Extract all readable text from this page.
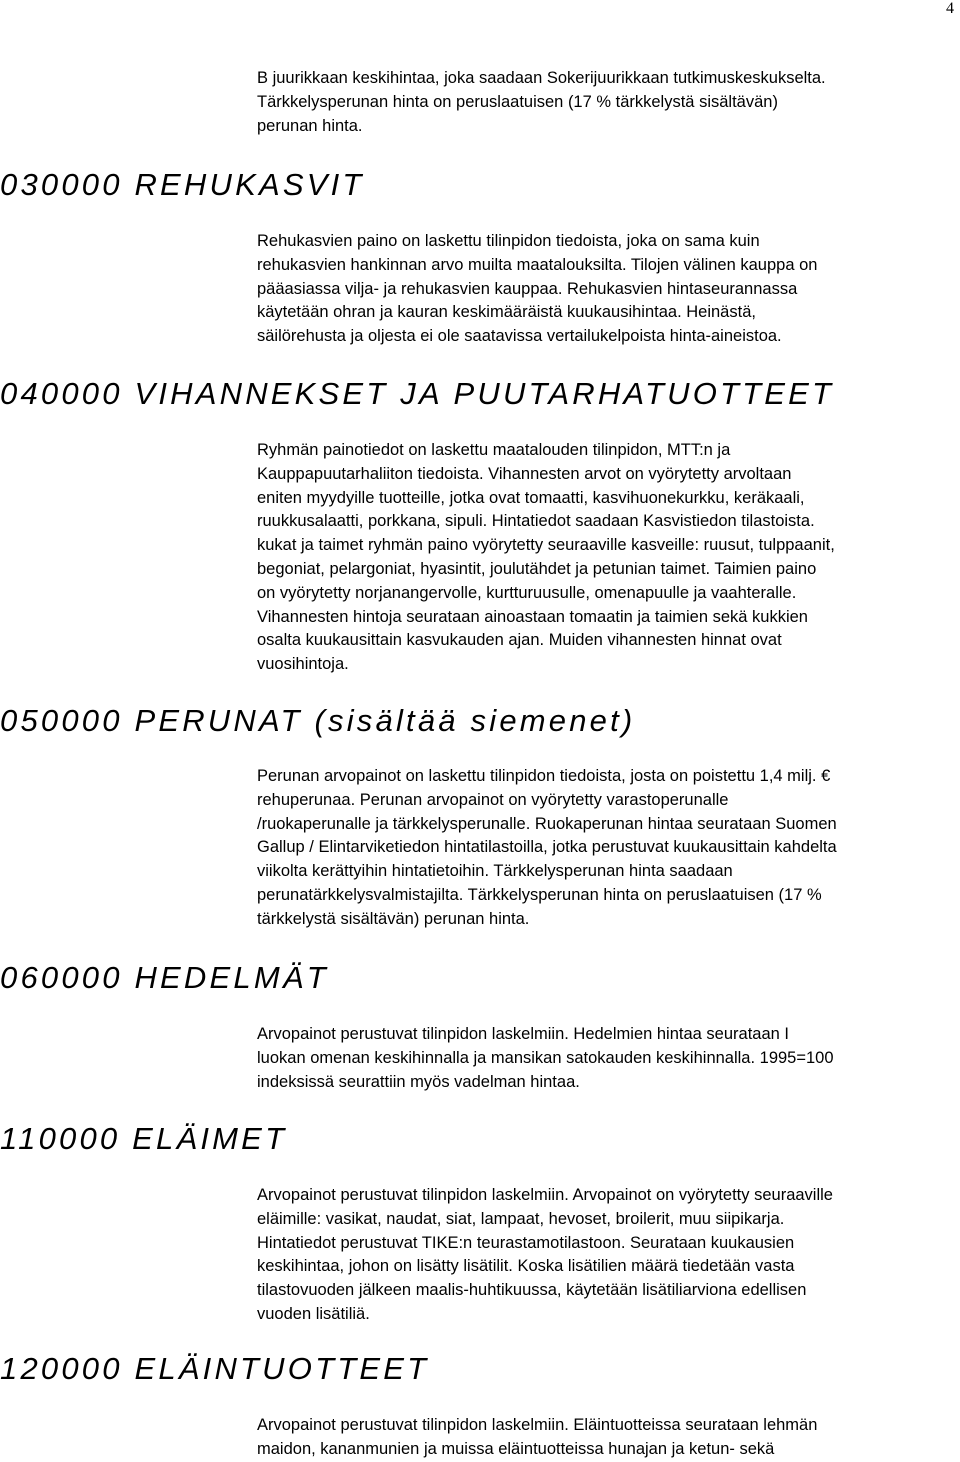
4
B juurikkaan keskihintaa, joka saadaan Sokerijuurikkaan tutkimuskeskukselta.
Tärkkelysperunan hinta on peruslaatuisen (17 % tärkkelystä sisältävän)
perunan hinta.
030000 REHUKASVIT
Rehukasvien paino on laskettu tilinpidon tiedoista, joka on sama kuin
rehukasvien hankinnan arvo muilta maatalouksilta. Tilojen välinen kauppa on
pääasiassa vilja- ja rehukasvien kauppaa. Rehukasvien hintaseurannassa
käytetään ohran ja kauran keskimääräistä kuukausihintaa. Heinästä,
säilörehusta ja oljesta ei ole saatavissa vertailukelpoista hinta-aineistoa.
040000 VIHANNEKSET JA PUUTARHATUOTTEET
Ryhmän painotiedot on laskettu maatalouden tilinpidon, MTT:n ja
Kauppapuutarhaliiton tiedoista. Vihannesten arvot on vyörytetty arvoltaan
eniten myydyille tuotteille, jotka ovat tomaatti, kasvihuonekurkku, keräkaali,
ruukkusalaatti, porkkana, sipuli. Hintatiedot saadaan Kasvistiedon tilastoista.
kukat ja taimet ryhmän paino vyörytetty seuraaville kasveille: ruusut, tulppaanit,
begoniat, pelargoniat, hyasintit, joulutähdet ja petunian taimet. Taimien paino
on vyörytetty norjanangervolle, kurtturuusulle, omenapuulle ja vaahteralle.
Vihannesten hintoja seurataan ainoastaan tomaatin ja taimien sekä kukkien
osalta kuukausittain kasvukauden ajan. Muiden vihannesten hinnat ovat
vuosihintoja.
050000 PERUNAT (sisältää siemenet)
Perunan arvopainot on laskettu tilinpidon tiedoista, josta on poistettu 1,4 milj. €
rehuperunaa. Perunan arvopainot on vyörytetty varastoperunalle
/ruokaperunalle ja tärkkelysperunalle. Ruokaperunan hintaa seurataan Suomen
Gallup / Elintarviketiedon hintatilastoilla, jotka perustuvat kuukausittain kahdelta
viikolta kerättyihin hintatietoihin. Tärkkelysperunan hinta saadaan
perunatärkkelysvalmistajilta. Tärkkelysperunan hinta on peruslaatuisen (17 %
tärkkelystä sisältävän) perunan hinta.
060000 HEDELMÄT
Arvopainot perustuvat tilinpidon laskelmiin. Hedelmien hintaa seurataan I
luokan omenan keskihinnalla ja mansikan satokauden keskihinnalla. 1995=100
indeksissä seurattiin myös vadelman hintaa.
110000 ELÄIMET
Arvopainot perustuvat tilinpidon laskelmiin. Arvopainot on vyörytetty seuraaville
eläimille: vasikat, naudat, siat, lampaat, hevoset, broilerit, muu siipikarja.
Hintatiedot perustuvat TIKE:n teurastamotilastoon. Seurataan kuukausien
keskihintaa, johon on lisätty lisätilit. Koska lisätilien määrä tiedetään vasta
tilastovuoden jälkeen maalis-huhtikuussa, käytetään lisätiliarviona edellisen
vuoden lisätiliä.
120000 ELÄINTUOTTEET
Arvopainot perustuvat tilinpidon laskelmiin. Eläintuotteissa seurataan lehmän
maidon, kananmunien ja muissa eläintuotteissa hunajan ja ketun- sekä
